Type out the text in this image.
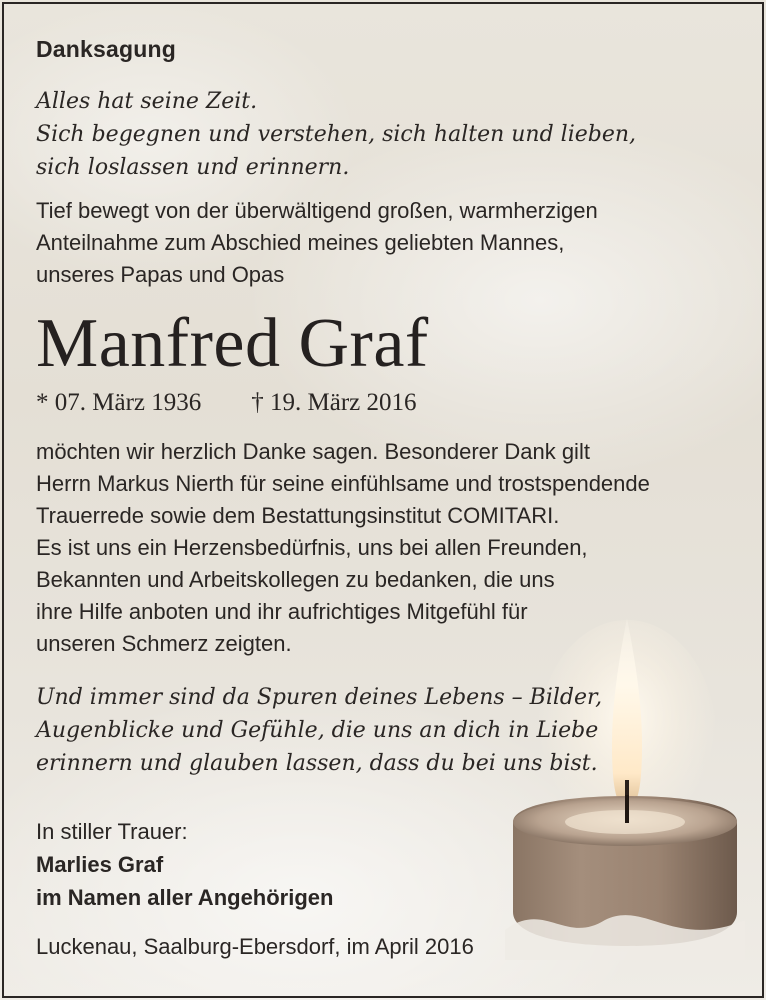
Danksagung
Alles hat seine Zeit.
Sich begegnen und verstehen, sich halten und lieben,
sich loslassen und erinnern.
Tief bewegt von der überwältigend großen, warmherzigen
Anteilnahme zum Abschied meines geliebten Mannes,
unseres Papas und Opas
Manfred Graf
* 07. März 1936 † 19. März 2016
möchten wir herzlich Danke sagen. Besonderer Dank gilt
Herrn Markus Nierth für seine einfühlsame und trostspendende
Trauerrede sowie dem Bestattungsinstitut COMITARI.
Es ist uns ein Herzensbedürfnis, uns bei allen Freunden,
Bekannten und Arbeitskollegen zu bedanken, die uns
ihre Hilfe anboten und ihr aufrichtiges Mitgefühl für
unseren Schmerz zeigten.
Und immer sind da Spuren deines Lebens – Bilder,
Augenblicke und Gefühle, die uns an dich in Liebe
erinnern und glauben lassen, dass du bei uns bist.
In stiller Trauer:
Marlies Graf
im Namen aller Angehörigen
Luckenau, Saalburg-Ebersdorf, im April 2016
